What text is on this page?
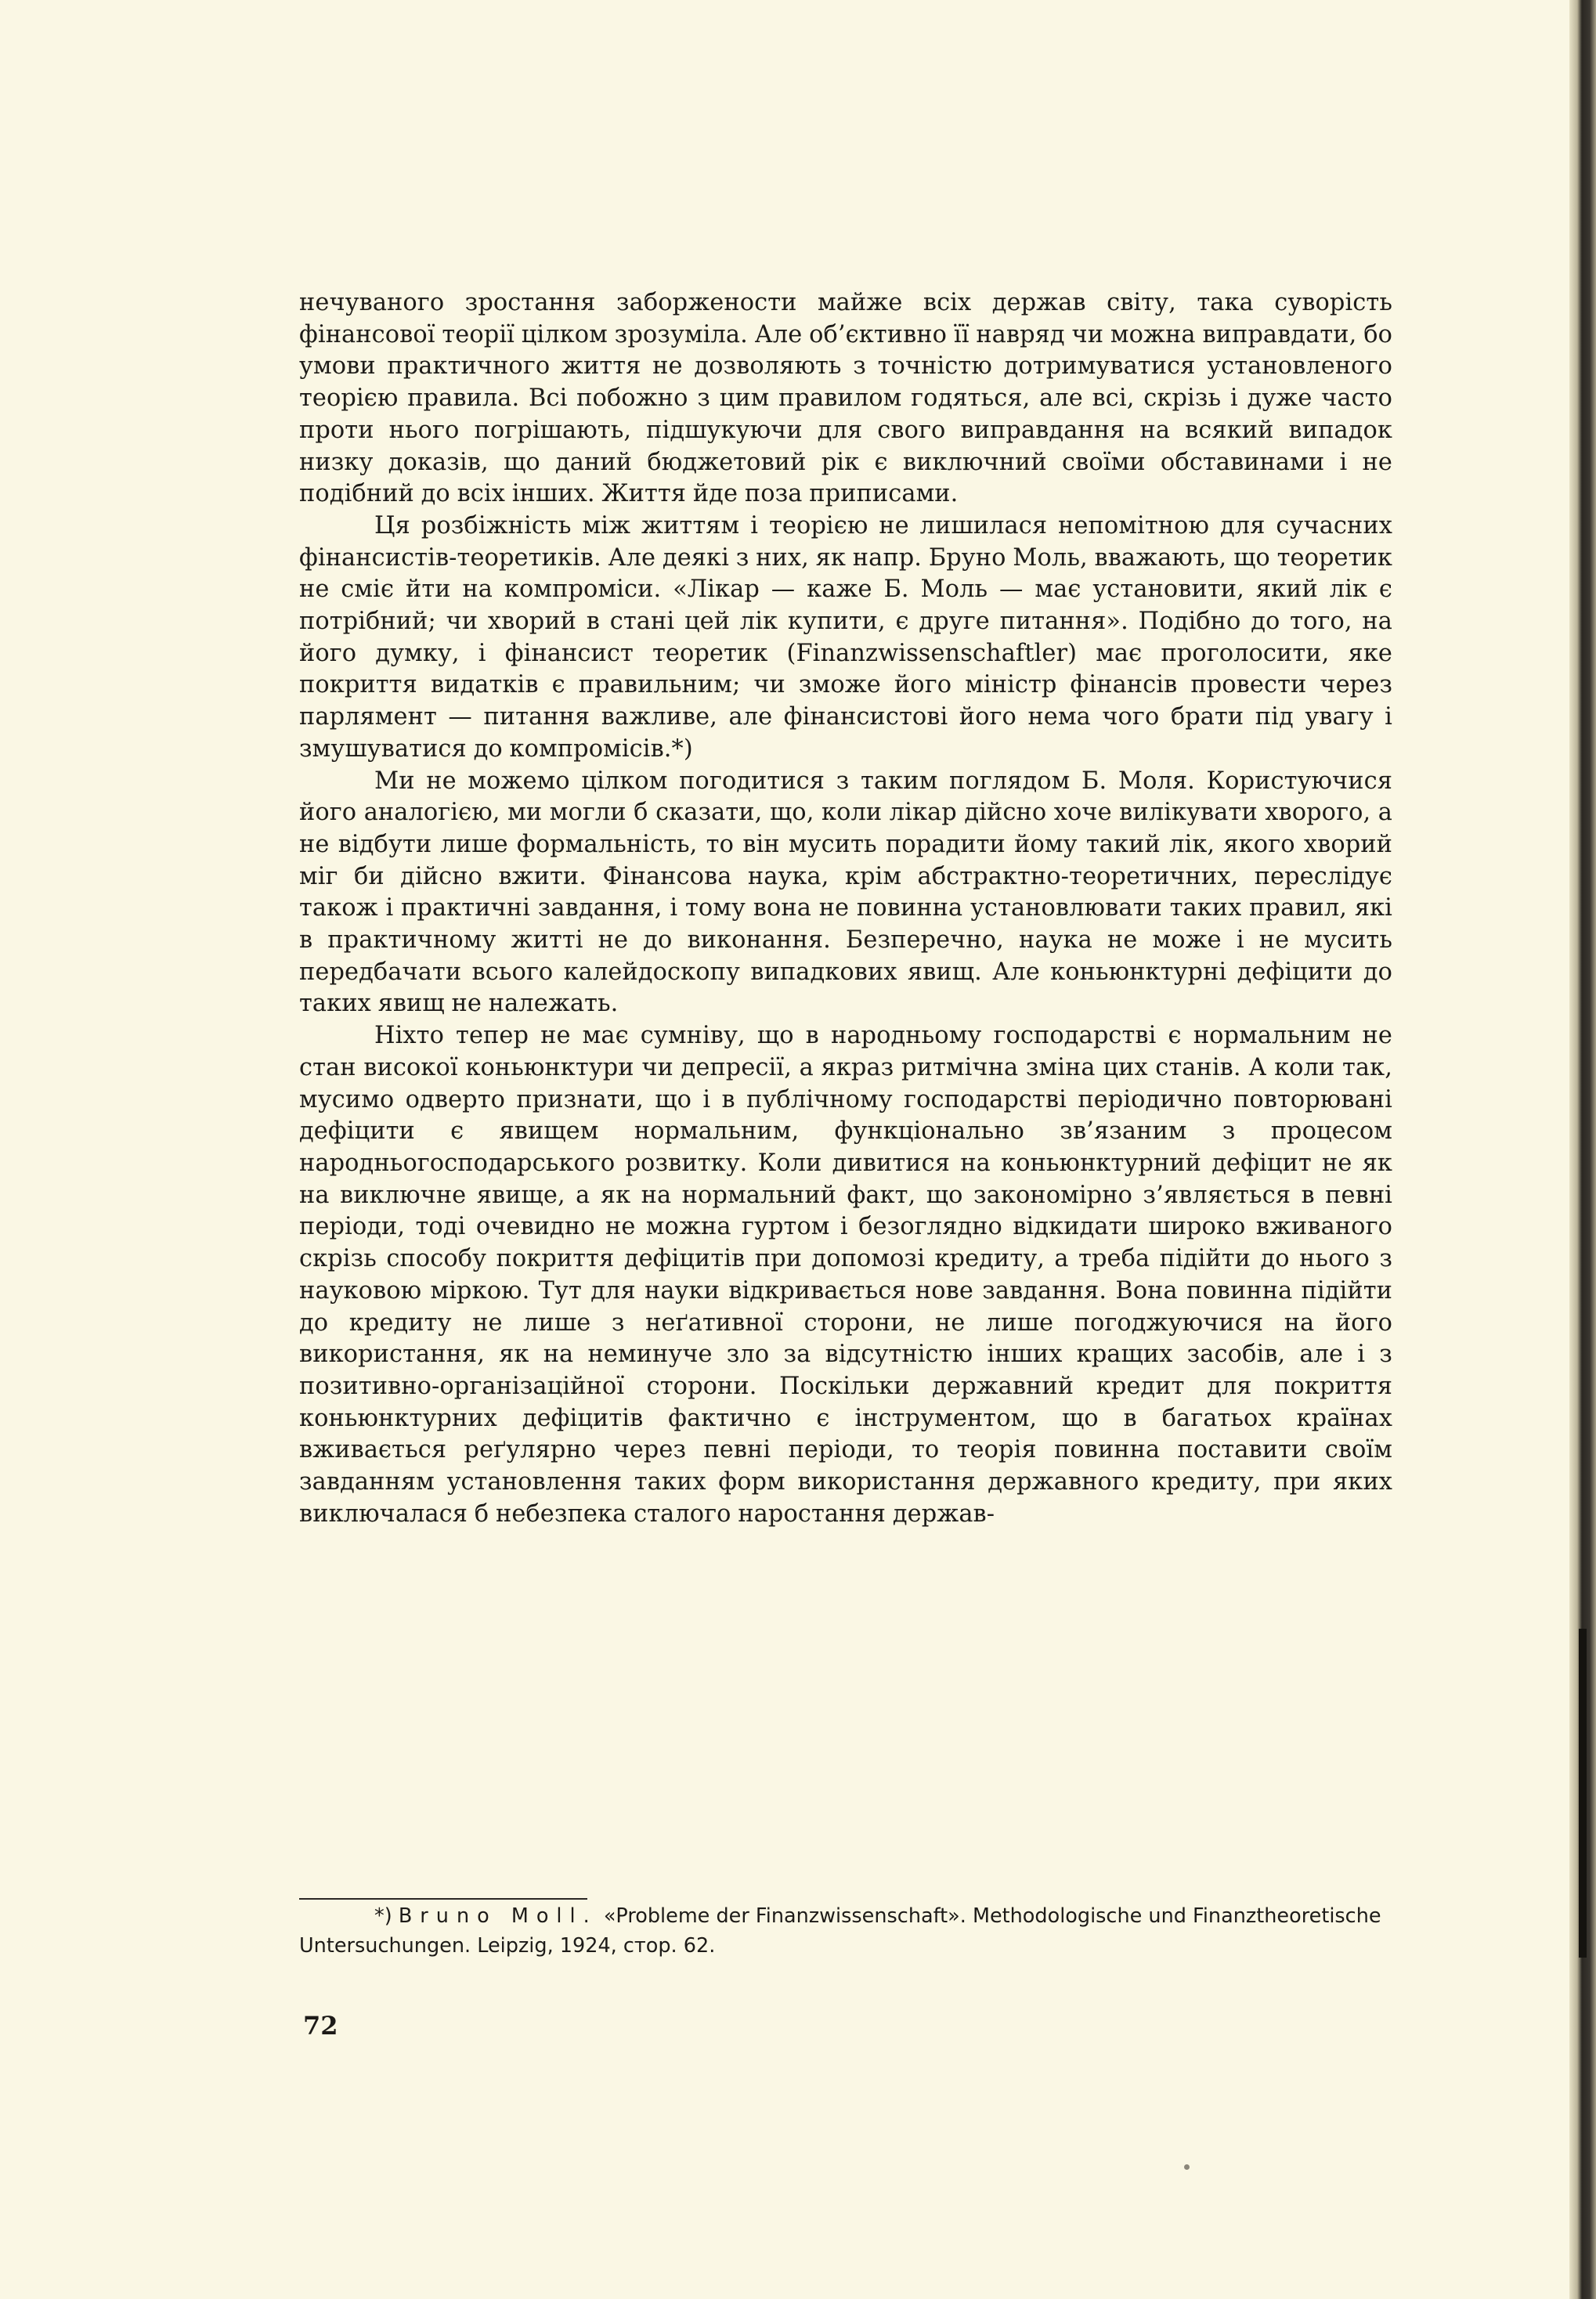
нечуваного зростання заборжености майже всіх держав світу, така суворість фінансової теорії цілком зрозуміла. Але об’єктивно її навряд чи можна виправдати, бо умови практичного життя не дозволяють з точністю дотримуватися установленого теорією правила. Всі побожно з цим правилом годяться, але всі, скрізь і дуже часто проти нього погрішають, підшукуючи для свого виправдання на всякий випадок низку доказів, що даний бюджетовий рік є виключний своїми обставинами і не подібний до всіх інших. Життя йде поза приписами.

Ця розбіжність між життям і теорією не лишилася непомітною для сучасних фінансистів-теоретиків. Але деякі з них, як напр. Бруно Моль, вважають, що теоретик не сміє йти на компроміси. «Лікар — каже Б. Моль — має установити, який лік є потрібний; чи хворий в стані цей лік купити, є друге питання». Подібно до того, на його думку, і фінансист теоретик (Finanzwissenschaftler) має проголосити, яке покриття видатків є правильним; чи зможе його міністр фінансів провести через парлямент — питання важливе, але фінансистові його нема чого брати під увагу і змушуватися до компромісів.*)

Ми не можемо цілком погодитися з таким поглядом Б. Моля. Користуючися його аналогією, ми могли б сказати, що, коли лікар дійсно хоче вилікувати хворого, а не відбути лише формальність, то він мусить порадити йому такий лік, якого хворий міг би дійсно вжити. Фінансова наука, крім абстрактно-теоретичних, переслідує також і практичні завдання, і тому вона не повинна установлювати таких правил, які в практичному житті не до виконання. Безперечно, наука не може і не мусить передбачати всього калейдоскопу випадкових явищ. Але коньюнктурні дефіцити до таких явищ не належать.

Ніхто тепер не має сумніву, що в народньому господарстві є нормальним не стан високої коньюнктури чи депресії, а якраз ритмічна зміна цих станів. А коли так, мусимо одверто признати, що і в публічному господарстві періодично повторювані дефіцити є явищем нормальним, функціонально зв’язаним з процесом народньогосподарського розвитку. Коли дивитися на коньюнктурний дефіцит не як на виключне явище, а як на нормальний факт, що закономірно з’являється в певні періоди, тоді очевидно не можна гуртом і безоглядно відкидати широко вживаного скрізь способу покриття дефіцитів при допомозі кредиту, а треба підійти до нього з науковою міркою. Тут для науки відкривається нове завдання. Вона повинна підійти до кредиту не лише з неґативної сторони, не лише погоджуючися на його використання, як на неминуче зло за відсутністю інших кращих засобів, але і з позитивно-організаційної сторони. Поскільки державний кредит для покриття коньюнктурних дефіцитів фактично є інструментом, що в багатьох країнах вживається реґулярно через певні періоди, то теорія повинна поставити своїм завданням установлення таких форм використання державного кредиту, при яких виключалася б небезпека сталого наростання держав-

*) Bruno Moll. «Probleme der Finanzwissenschaft». Methodologische und Finanztheoretische Untersuchungen. Leipzig, 1924, стор. 62.
72
